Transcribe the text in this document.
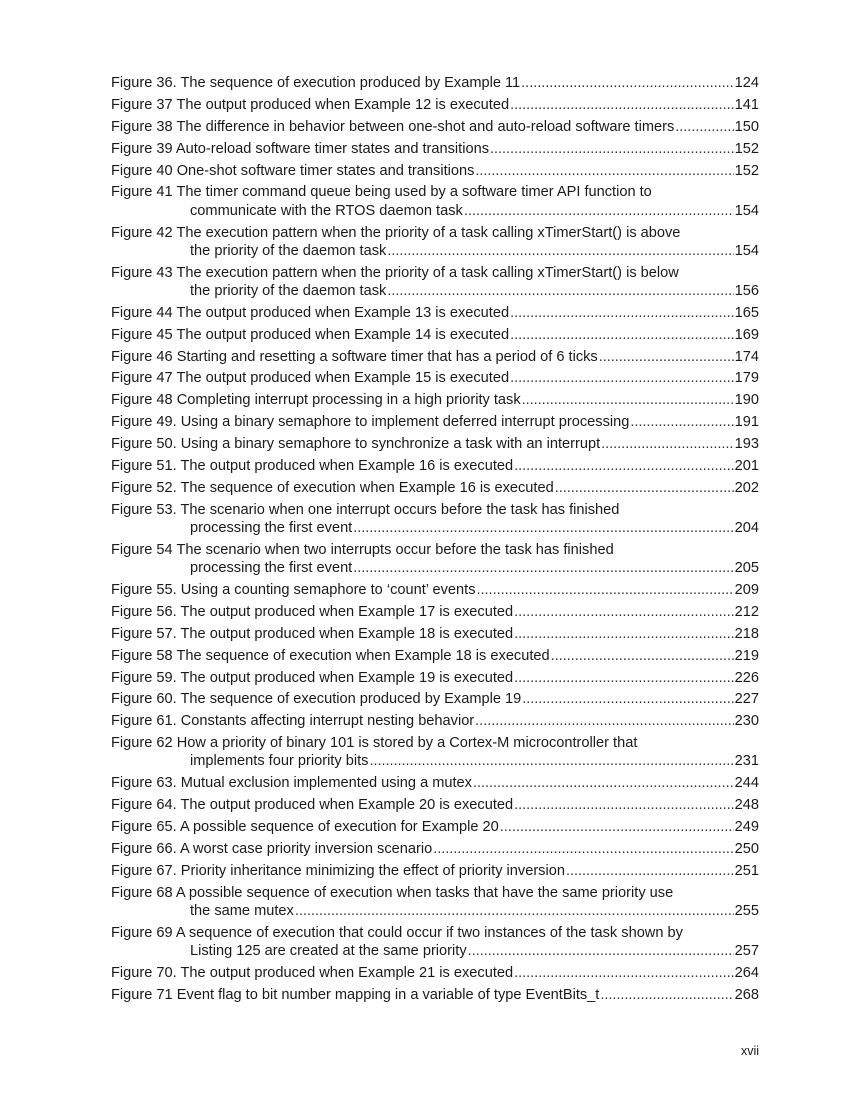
Figure 36. The sequence of execution produced by Example 11 . . .	124
Figure 37 The output produced when Example 12 is executed . . .	141
Figure 38 The difference in behavior between one-shot and auto-reload software timers . . .	150
Figure 39 Auto-reload software timer states and transitions . . .	152
Figure 40 One-shot software timer states and transitions . . .	152
Figure 41 The timer command queue being used by a software timer API function to
communicate with the RTOS daemon task . . .	154
Figure 42 The execution pattern when the priority of a task calling xTimerStart() is above
the priority of the daemon task . . .	154
Figure 43 The execution pattern when the priority of a task calling xTimerStart() is below
the priority of the daemon task . . .	156
Figure 44 The output produced when Example 13 is executed . . .	165
Figure 45 The output produced when Example 14 is executed . . .	169
Figure 46 Starting and resetting a software timer that has a period of 6 ticks . . .	174
Figure 47 The output produced when Example 15 is executed . . .	179
Figure 48 Completing interrupt processing in a high priority task . . .	190
Figure 49. Using a binary semaphore to implement deferred interrupt processing . . .	191
Figure 50. Using a binary semaphore to synchronize a task with an interrupt . . .	193
Figure 51. The output produced when Example 16 is executed . . .	201
Figure 52. The sequence of execution when Example 16 is executed . . .	202
Figure 53. The scenario when one interrupt occurs before the task has finished
processing the first event . . .	204
Figure 54 The scenario when two interrupts occur before the task has finished
processing the first event . . .	205
Figure 55. Using a counting semaphore to ‘count’ events . . .	209
Figure 56. The output produced when Example 17 is executed . . .	212
Figure 57. The output produced when Example 18 is executed . . .	218
Figure 58 The sequence of execution when Example 18 is executed . . .	219
Figure 59. The output produced when Example 19 is executed . . .	226
Figure 60. The sequence of execution produced by Example 19 . . .	227
Figure 61. Constants affecting interrupt nesting behavior . . .	230
Figure 62 How a priority of binary 101 is stored by a Cortex-M microcontroller that
implements four priority bits . . .	231
Figure 63. Mutual exclusion implemented using a mutex . . .	244
Figure 64. The output produced when Example 20 is executed . . .	248
Figure 65. A possible sequence of execution for Example 20 . . .	249
Figure 66. A worst case priority inversion scenario . . .	250
Figure 67. Priority inheritance minimizing the effect of priority inversion . . .	251
Figure 68 A possible sequence of execution when tasks that have the same priority use
the same mutex . . .	255
Figure 69 A sequence of execution that could occur if two instances of the task shown by
Listing 125 are created at the same priority . . .	257
Figure 70. The output produced when Example 21 is executed . . .	264
Figure 71 Event flag to bit number mapping in a variable of type EventBits_t . . .	268
xvii
